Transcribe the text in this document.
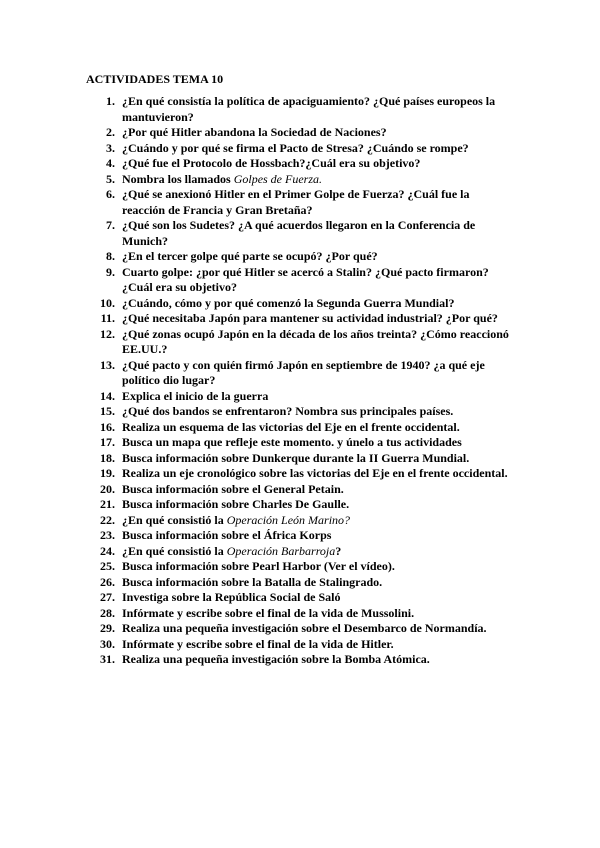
ACTIVIDADES TEMA 10
1. ¿En qué consistía la política de apaciguamiento? ¿Qué países europeos la mantuvieron?
2. ¿Por qué Hitler abandona la Sociedad de Naciones?
3. ¿Cuándo y por qué se firma el Pacto de Stresa? ¿Cuándo se rompe?
4. ¿Qué fue el Protocolo de Hossbach?¿Cuál era su objetivo?
5. Nombra los llamados Golpes de Fuerza.
6. ¿Qué se anexionó Hitler en el Primer Golpe de Fuerza? ¿Cuál fue la reacción de Francia y Gran Bretaña?
7. ¿Qué son los Sudetes? ¿A qué acuerdos llegaron en la Conferencia de Munich?
8. ¿En el tercer golpe qué parte se ocupó? ¿Por qué?
9. Cuarto golpe: ¿por qué Hitler se acercó a Stalin? ¿Qué pacto firmaron? ¿Cuál era su objetivo?
10. ¿Cuándo, cómo y por qué comenzó la Segunda Guerra Mundial?
11. ¿Qué necesitaba Japón para mantener su actividad industrial? ¿Por qué?
12. ¿Qué zonas ocupó Japón en la década de los años treinta? ¿Cómo reaccionó EE.UU.?
13. ¿Qué pacto y con quién firmó Japón en septiembre de 1940? ¿a qué eje político dio lugar?
14. Explica el inicio de la guerra
15. ¿Qué dos bandos se enfrentaron? Nombra sus principales países.
16. Realiza un esquema de las victorias del Eje en el frente occidental.
17. Busca un mapa que refleje este momento. y únelo a tus actividades
18. Busca información sobre Dunkerque durante la II Guerra Mundial.
19. Realiza un eje cronológico sobre las victorias del Eje en el frente occidental.
20. Busca información sobre el General Petain.
21. Busca información sobre Charles De Gaulle.
22. ¿En qué consistió la Operación León Marino?
23. Busca información sobre el África Korps
24. ¿En qué consistió la Operación Barbarroja?
25. Busca información sobre Pearl Harbor (Ver el vídeo).
26. Busca información sobre la Batalla de Stalingrado.
27. Investiga sobre la República Social de Saló
28. Infórmate y escribe sobre el final de la vida de Mussolini.
29. Realiza una pequeña investigación sobre el Desembarco de Normandía.
30. Infórmate y escribe sobre el final de la vida de Hitler.
31. Realiza una pequeña investigación sobre la Bomba Atómica.
